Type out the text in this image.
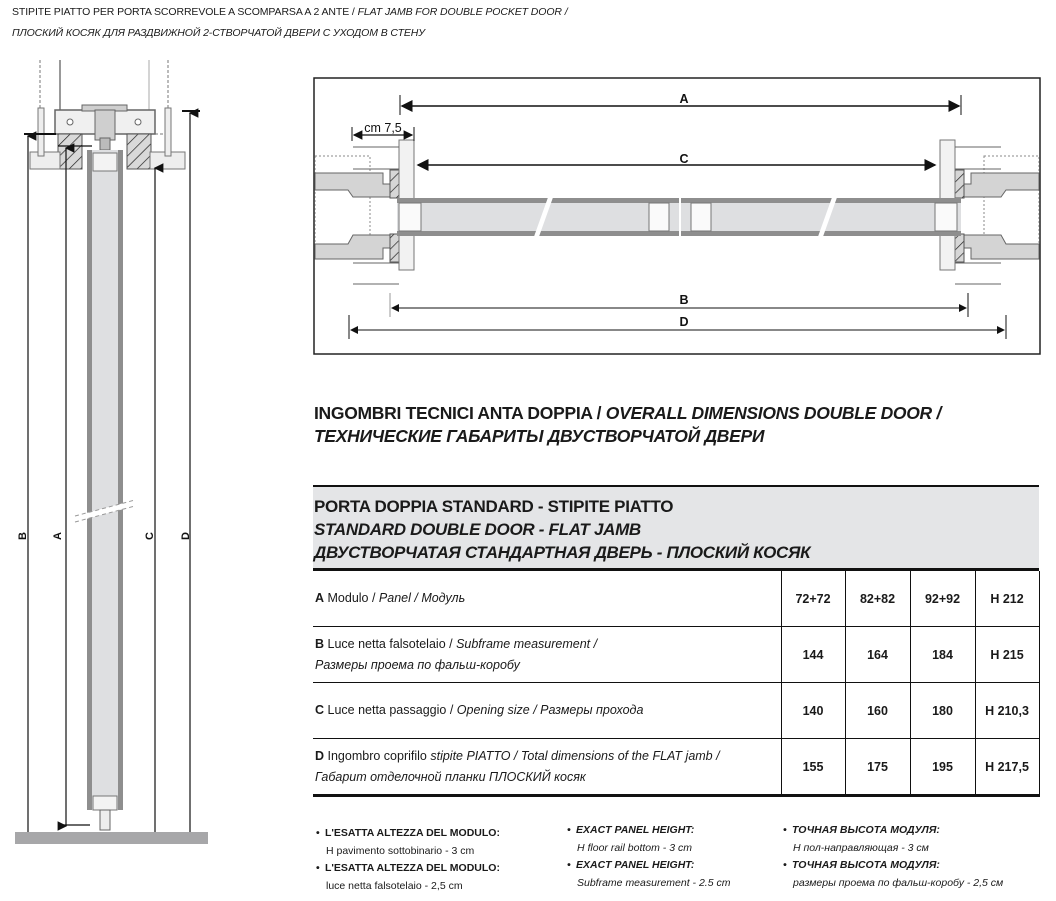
STIPITE PIATTO PER PORTA SCORREVOLE A SCOMPARSA A 2 ANTE / FLAT JAMB FOR DOUBLE POCKET DOOR /
ПЛОСКИЙ КОСЯК ДЛЯ РАЗДВИЖНОЙ 2-СТВОРЧАТОЙ ДВЕРИ С УХОДОМ В СТЕНУ
B A	C D
A
C
B
D
cm 7,5
INGOMBRI TECNICI ANTA DOPPIA / OVERALL DIMENSIONS DOUBLE DOOR /
ТЕХНИЧЕСКИЕ ГАБАРИТЫ ДВУСТВОРЧАТОЙ ДВЕРИ
PORTA DOPPIA STANDARD - STIPITE PIATTO
STANDARD DOUBLE DOOR - FLAT JAMB
ДВУСТВОРЧАТАЯ СТАНДАРТНАЯ ДВЕРЬ - ПЛОСКИЙ КОСЯК
A Modulo / Panel / Модуль	72+72	82+82	92+92	H 212

B Luce netta falsotelaio / Subframe measurement /
Размеры проема по фальш-коробу	144	164	184	H 215
C Luce netta passaggio / Opening size / Размеры прохода	140	160	180	H 210,3

D Ingombro coprifilo stipite PIATTO / Total dimensions of the FLAT jamb /
Габарит отделочной планки ПЛОСКИЙ косяк	155	175	195	H 217,5
• L'ESATTA ALTEZZA DEL MODULO:
H pavimento sottobinario - 3 cm
• L'ESATTA ALTEZZA DEL MODULO:
luce netta falsotelaio - 2,5 cm
• EXACT PANEL HEIGHT:
H floor rail bottom - 3 cm
• EXACT PANEL HEIGHT:
Subframe measurement - 2.5 cm
• ТОЧНАЯ ВЫСОТА МОДУЛЯ:
Н пол-направляющая - 3 см
• ТОЧНАЯ ВЫСОТА МОДУЛЯ:
размеры проема по фальш-коробу - 2,5 см
